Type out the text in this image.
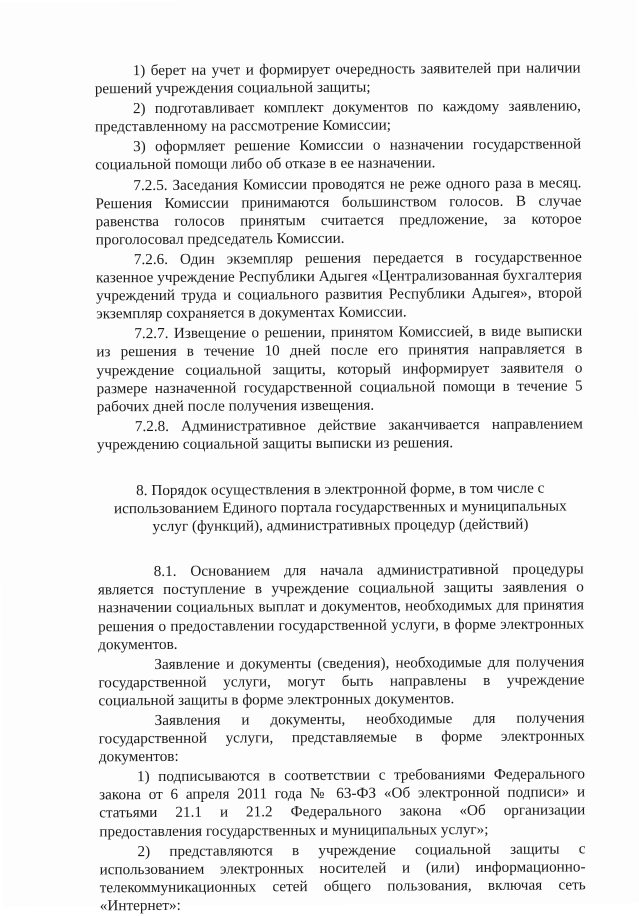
1) берет на учет и формирует очередность заявителей при наличии решений учреждения социальной защиты;

2) подготавливает комплект документов по каждому заявлению, представленному на рассмотрение Комиссии;

3) оформляет решение Комиссии о назначении государственной социальной помощи либо об отказе в ее назначении.

7.2.5. Заседания Комиссии проводятся не реже одного раза в месяц. Решения Комиссии принимаются большинством голосов. В случае равенства голосов принятым считается предложение, за которое проголосовал председатель Комиссии.

7.2.6. Один экземпляр решения передается в государственное казенное учреждение Республики Адыгея «Централизованная бухгалтерия учреждений труда и социального развития Республики Адыгея», второй экземпляр сохраняется в документах Комиссии.

7.2.7. Извещение о решении, принятом Комиссией, в виде выписки из решения в течение 10 дней после его принятия направляется в учреждение социальной защиты, который информирует заявителя о размере назначенной государственной социальной помощи в течение 5 рабочих дней после получения извещения.

7.2.8. Административное действие заканчивается направлением учреждению социальной защиты выписки из решения.

8. Порядок осуществления в электронной форме, в том числе с
использованием Единого портала государственных и муниципальных
услуг (функций), административных процедур (действий)

8.1. Основанием для начала административной процедуры является поступление в учреждение социальной защиты заявления о назначении социальных выплат и документов, необходимых для принятия решения о предоставлении государственной услуги, в форме электронных документов.

Заявление и документы (сведения), необходимые для получения государственной услуги, могут быть направлены в учреждение социальной защиты в форме электронных документов.

Заявления и документы, необходимые для получения государственной услуги, представляемые в форме электронных документов:

1) подписываются в соответствии с требованиями Федерального закона от 6 апреля 2011 года № 63-ФЗ «Об электронной подписи» и статьями 21.1 и 21.2 Федерального закона «Об организации предоставления государственных и муниципальных услуг»;

2) представляются в учреждение социальной защиты с использованием электронных носителей и (или) информационно-телекоммуникационных сетей общего пользования, включая сеть «Интернет»:
